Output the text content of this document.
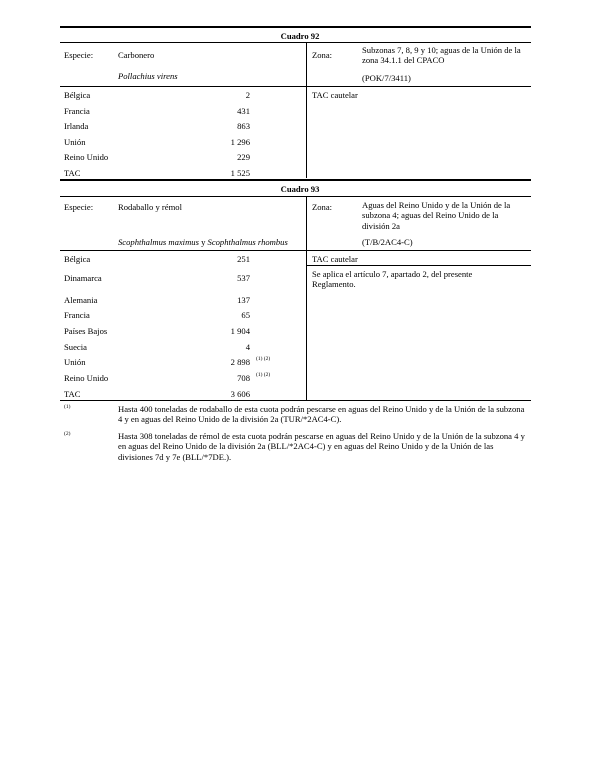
Cuadro 92
Especie:	Carbonero
Pollachius virens
Zona:	Subzonas 7, 8, 9 y 10; aguas de la Unión de la zona 34.1.1 del CPACO
(POK/7/3411)
TAC cautelar
Bélgica	2
Francia	431
Irlanda	863
Unión	1 296
Reino Unido	229
TAC	1 525
Cuadro 93
Especie:	Rodaballo y rémol
Scophthalmus maximus y Scophthalmus rhombus
Zona:	Aguas del Reino Unido y de la Unión de la subzona 4; aguas del Reino Unido de la división 2a
(T/B/2AC4-C)
TAC cautelar
Se aplica el artículo 7, apartado 2, del presente Reglamento.
Bélgica	251
Dinamarca	537
Alemania	137
Francia	65
Países Bajos	1 904
Suecia	4
Unión	2 898 (1) (2)
Reino Unido	708 (1) (2)
TAC	3 606
(1)	Hasta 400 toneladas de rodaballo de esta cuota podrán pescarse en aguas del Reino Unido y de la Unión de la subzona 4 y en aguas del Reino Unido de la división 2a (TUR/*2AC4-C).
(2)	Hasta 308 toneladas de rémol de esta cuota podrán pescarse en aguas del Reino Unido y de la Unión de la subzona 4 y en aguas del Reino Unido de la división 2a (BLL/*2AC4-C) y en aguas del Reino Unido y de la Unión de las divisiones 7d y 7e (BLL/*7DE.).
